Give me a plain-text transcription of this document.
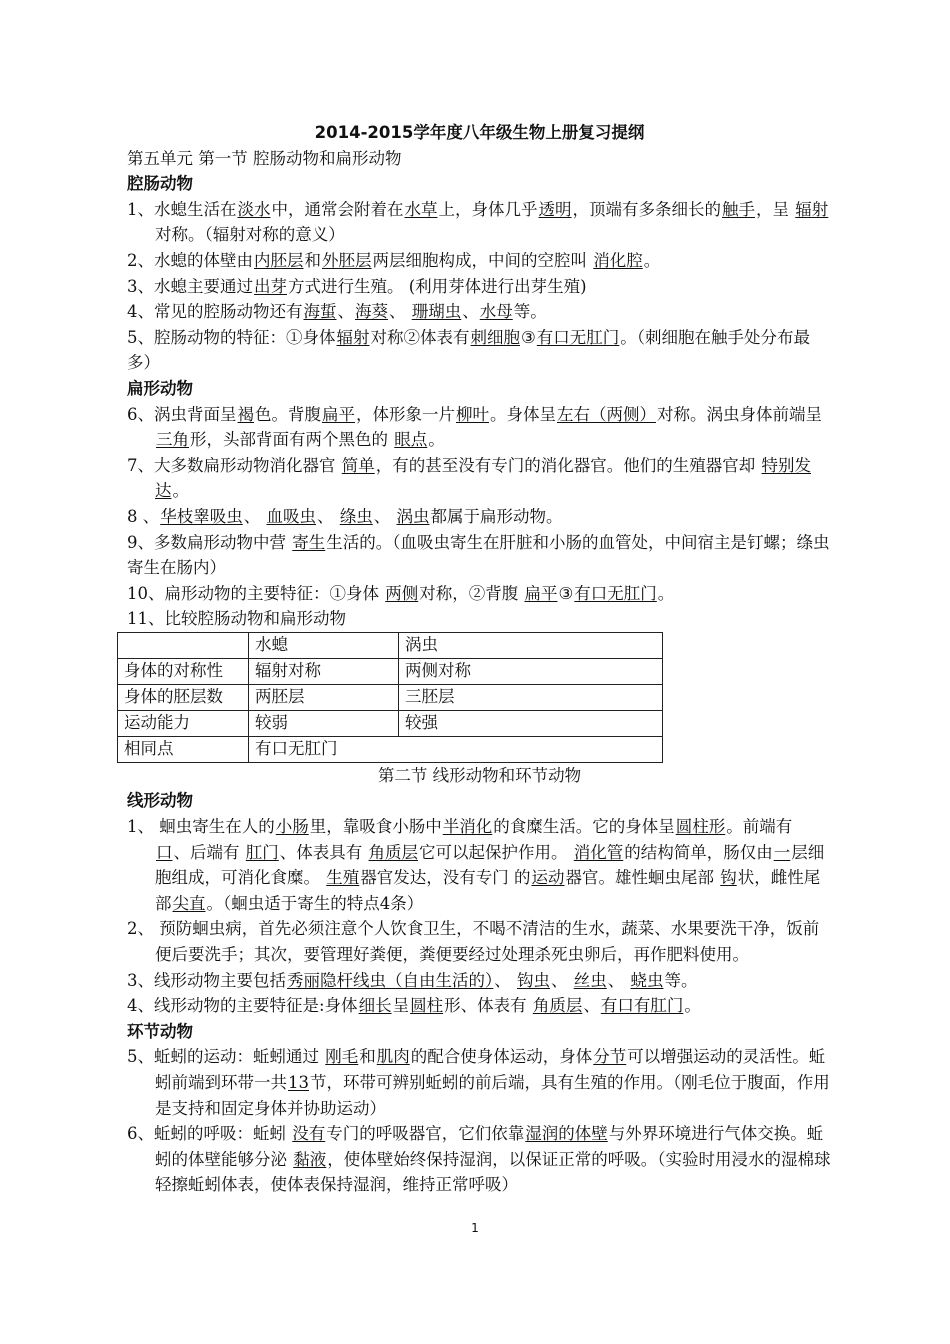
2014-2015学年度八年级生物上册复习提纲
第五单元 第一节 腔肠动物和扁形动物
腔肠动物
1、水螅生活在淡水中，通常会附着在水草上，身体几乎透明，顶端有多条细长的触手，呈 辐射对称。（辐射对称的意义）
2、水螅的体壁由内胚层和外胚层两层细胞构成，中间的空腔叫 消化腔。
3、水螅主要通过出芽方式进行生殖。 (利用芽体进行出芽生殖)
4、常见的腔肠动物还有海蜇、海葵、 珊瑚虫、水母等。
5、腔肠动物的特征：①身体辐射对称②体表有刺细胞③有口无肛门。（刺细胞在触手处分布最多）
扁形动物
6、涡虫背面呈褐色。背腹扁平，体形象一片柳叶。身体呈左右（两侧）对称。涡虫身体前端呈三角形，头部背面有两个黑色的 眼点。
7、大多数扁形动物消化器官 简单，有的甚至没有专门的消化器官。他们的生殖器官却 特别发达。
8 、华枝睾吸虫、 血吸虫、 绦虫、 涡虫都属于扁形动物。
9、多数扁形动物中营 寄生生活的。（血吸虫寄生在肝脏和小肠的血管处，中间宿主是钉螺；绦虫寄生在肠内）
10、扁形动物的主要特征：①身体 两侧对称，②背腹 扁平③有口无肛门。
11、比较腔肠动物和扁形动物
	水螅	涡虫
身体的对称性	辐射对称	两侧对称
身体的胚层数	两胚层	三胚层
运动能力	较弱	较强
相同点	有口无肛门	
第二节 线形动物和环节动物
线形动物
1、 蛔虫寄生在人的小肠里，靠吸食小肠中半消化的食糜生活。它的身体呈圆柱形。前端有 口、后端有 肛门、体表具有 角质层它可以起保护作用。 消化管的结构简单，肠仅由一层细胞组成，可消化食糜。 生殖器官发达，没有专门 的运动器官。雄性蛔虫尾部 钩状，雌性尾部尖直。（蛔虫适于寄生的特点4条）
2、 预防蛔虫病，首先必须注意个人饮食卫生，不喝不清洁的生水，蔬菜、水果要洗干净，饭前便后要洗手；其次，要管理好粪便，粪便要经过处理杀死虫卵后，再作肥料使用。
3、线形动物主要包括秀丽隐杆线虫（自由生活的）、 钩虫、 丝虫、 蛲虫等。
4、线形动物的主要特征是:身体细长呈圆柱形、体表有 角质层、有口有肛门。
环节动物
5、蚯蚓的运动：蚯蚓通过 刚毛和肌肉的配合使身体运动，身体分节可以增强运动的灵活性。蚯蚓前端到环带一共13节，环带可辨别蚯蚓的前后端，具有生殖的作用。（刚毛位于腹面，作用是支持和固定身体并协助运动）
6、蚯蚓的呼吸：蚯蚓 没有专门的呼吸器官，它们依靠湿润的体壁与外界环境进行气体交换。蚯蚓的体壁能够分泌 黏液，使体壁始终保持湿润，以保证正常的呼吸。（实验时用浸水的湿棉球轻擦蚯蚓体表，使体表保持湿润，维持正常呼吸）
1
